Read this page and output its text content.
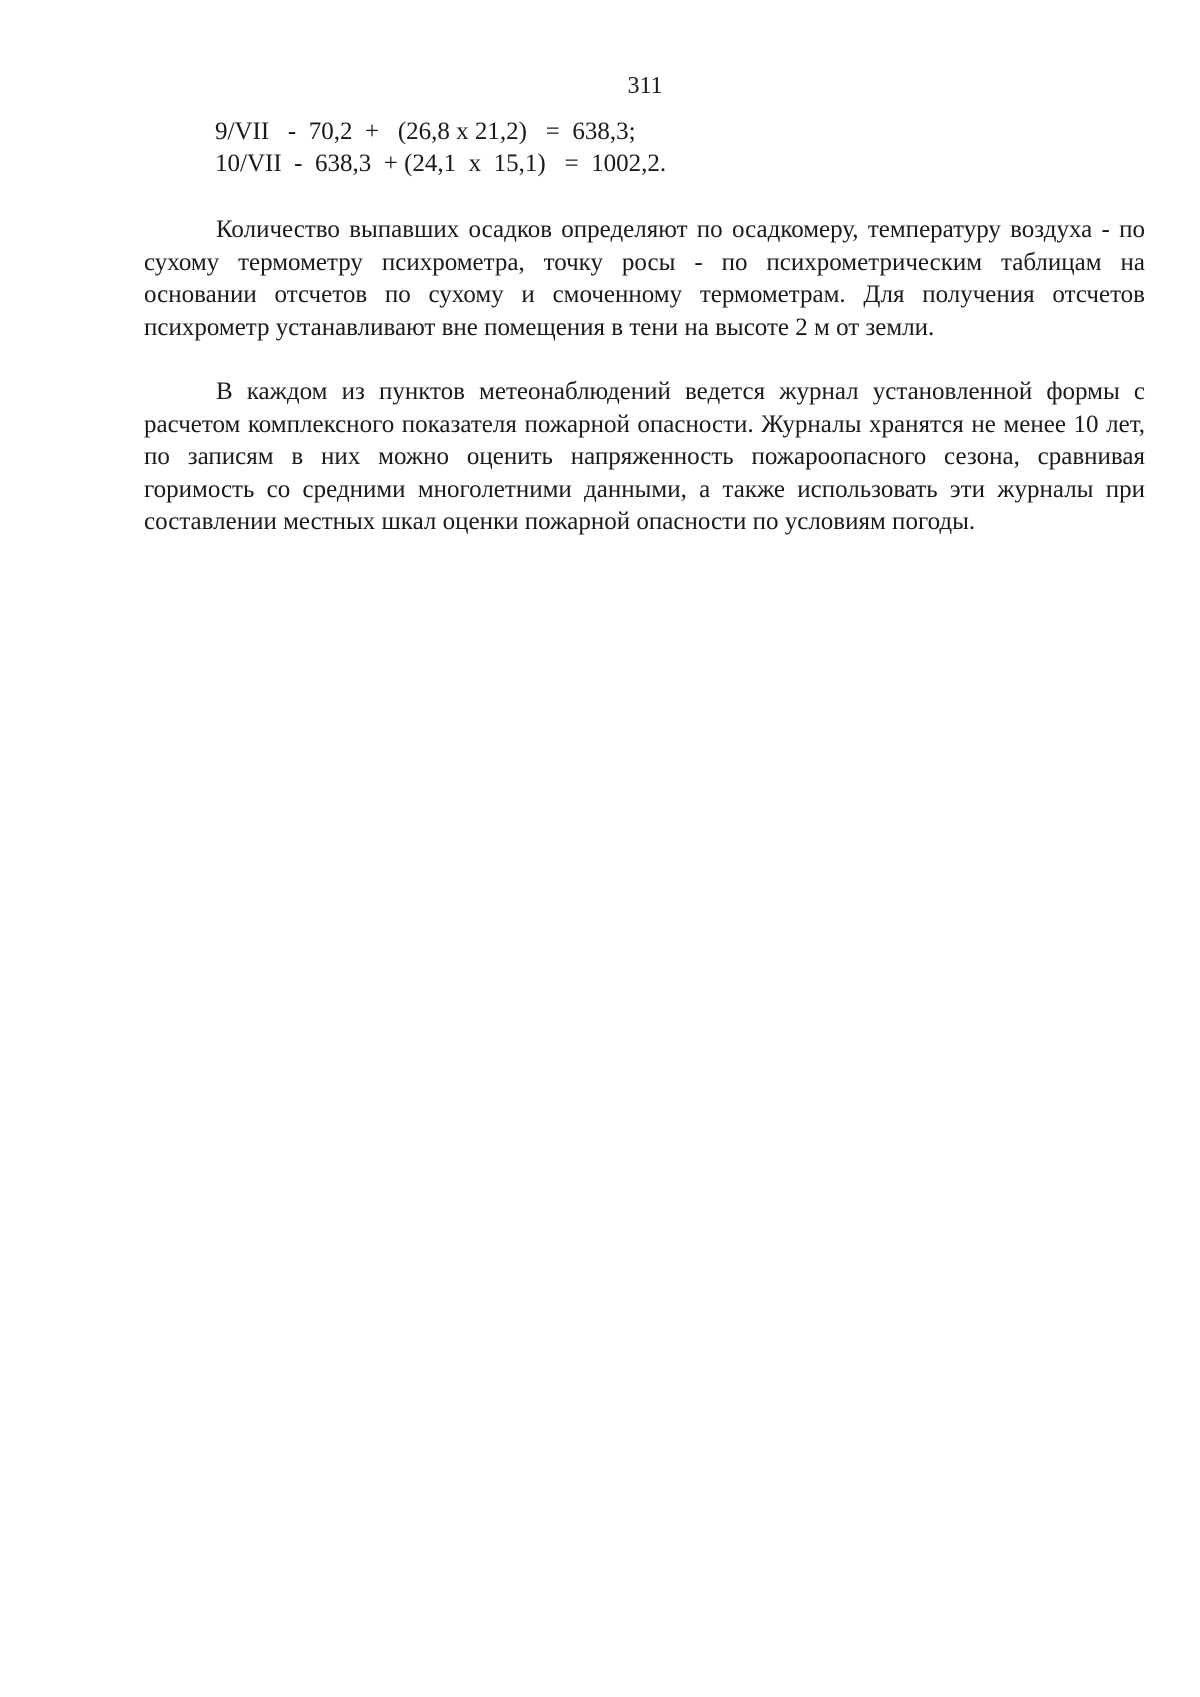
311
9/VII   -  70,2  +   (26,8 x 21,2)   =  638,3;
10/VII  -  638,3  + (24,1  x  15,1)   =  1002,2.

Количество выпавших осадков определяют по осадкомеру, температуру воздуха - по сухому термометру психрометра, точку росы - по психрометрическим таблицам на основании отсчетов по сухому и смоченному термометрам. Для получения отсчетов психрометр устанавливают вне помещения в тени на высоте 2 м от земли.

В каждом из пунктов метеонаблюдений ведется журнал установленной формы с расчетом комплексного показателя пожарной опасности. Журналы хранятся не менее 10 лет, по записям в них можно оценить напряженность пожароопасного сезона, сравнивая горимость со средними многолетними данными, а также использовать эти журналы при составлении местных шкал оценки пожарной опасности по условиям погоды.
